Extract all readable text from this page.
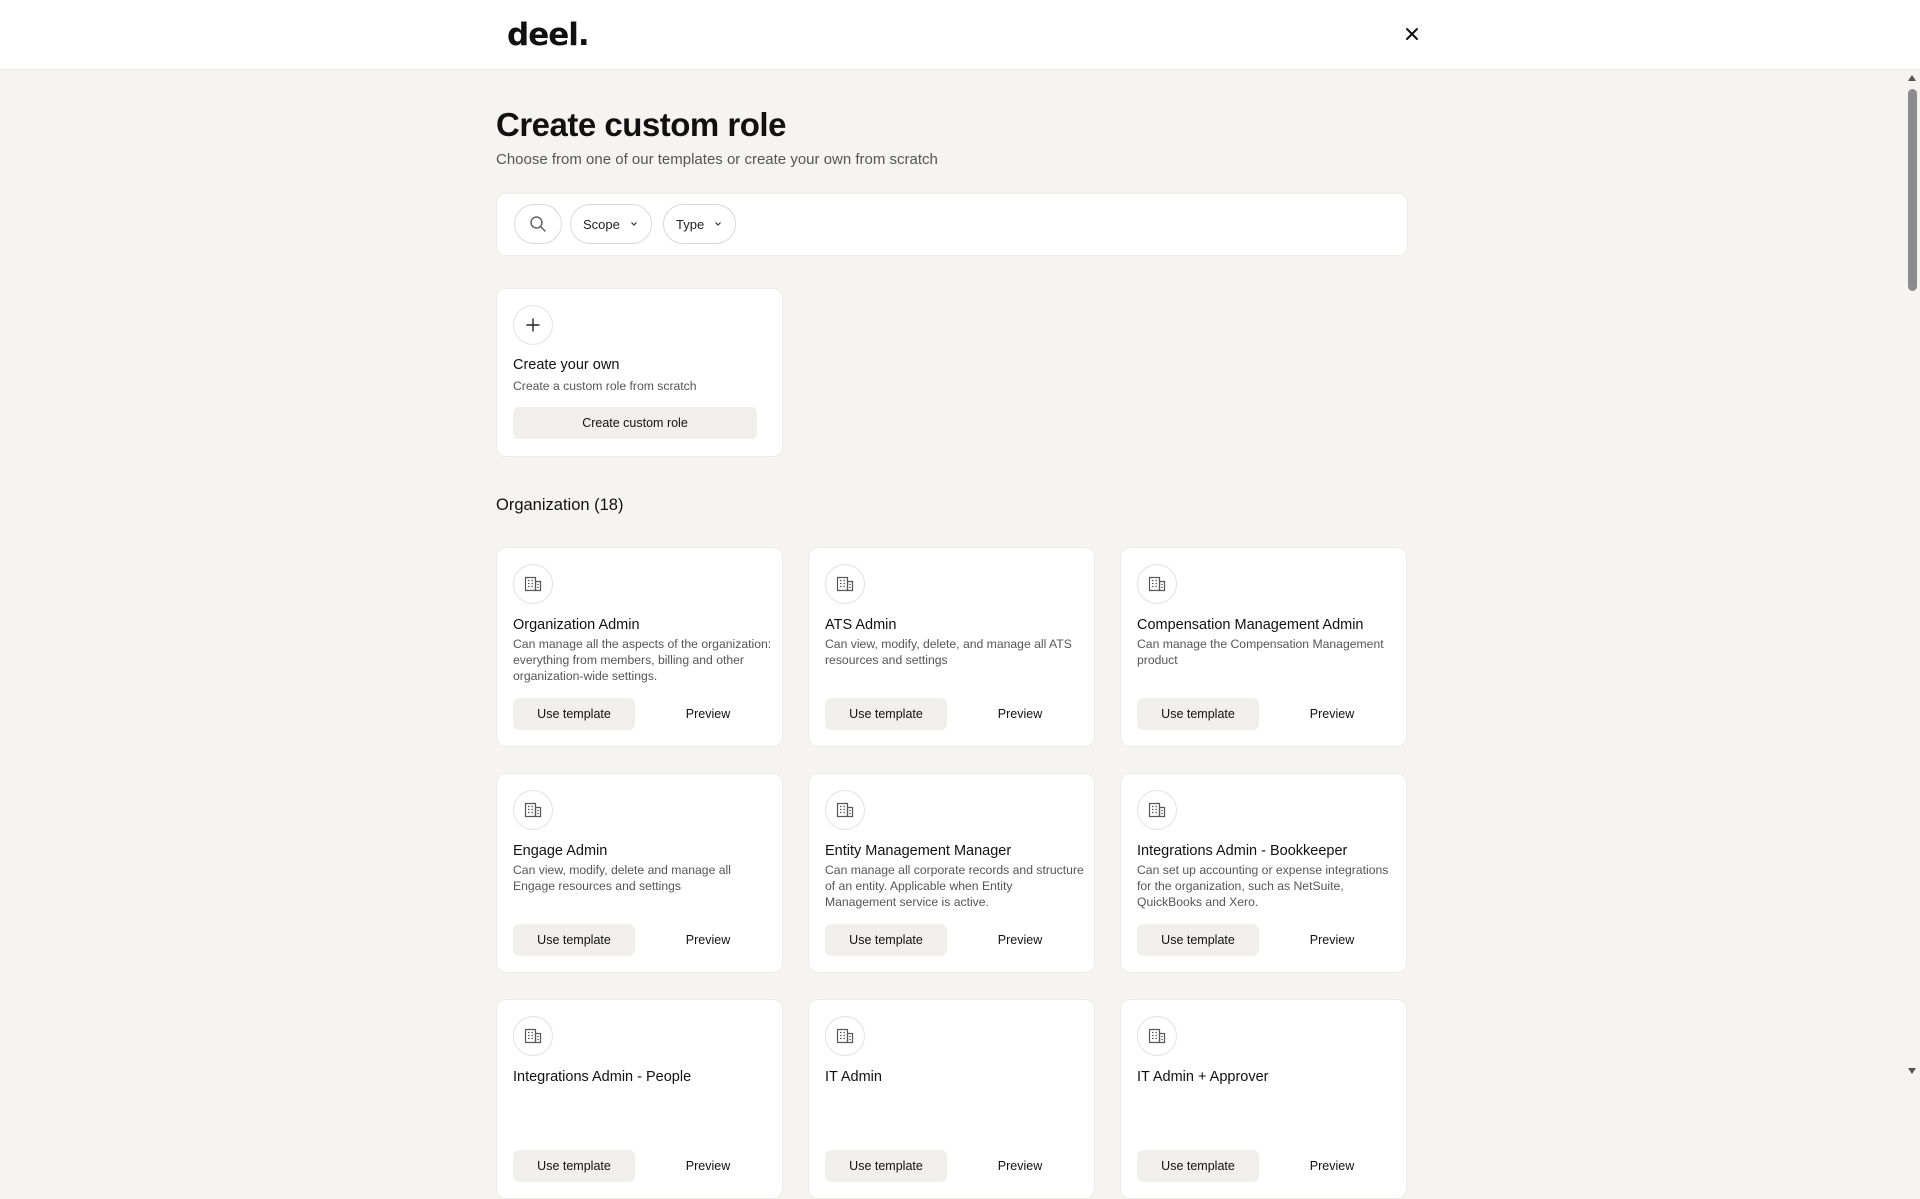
deel.
Create custom role

Choose from one of our templates or create your own from scratch

Scope	Type
Create your own
Create a custom role from scratch
Create custom role
Organization (18)
Organization Admin
Can manage all the aspects of the organization: everything from members, billing and other organization-wide settings.
Use template	Preview
ATS Admin
Can view, modify, delete, and manage all ATS resources and settings
Use template	Preview
Compensation Management Admin
Can manage the Compensation Management product
Use template	Preview
Engage Admin
Can view, modify, delete and manage all Engage resources and settings
Use template	Preview
Entity Management Manager
Can manage all corporate records and structure of an entity. Applicable when Entity Management service is active.
Use template	Preview
Integrations Admin - Bookkeeper
Can set up accounting or expense integrations for the organization, such as NetSuite, QuickBooks and Xero.
Use template	Preview
Integrations Admin - People
Use template	Preview
IT Admin
Use template	Preview
IT Admin + Approver
Use template	Preview
